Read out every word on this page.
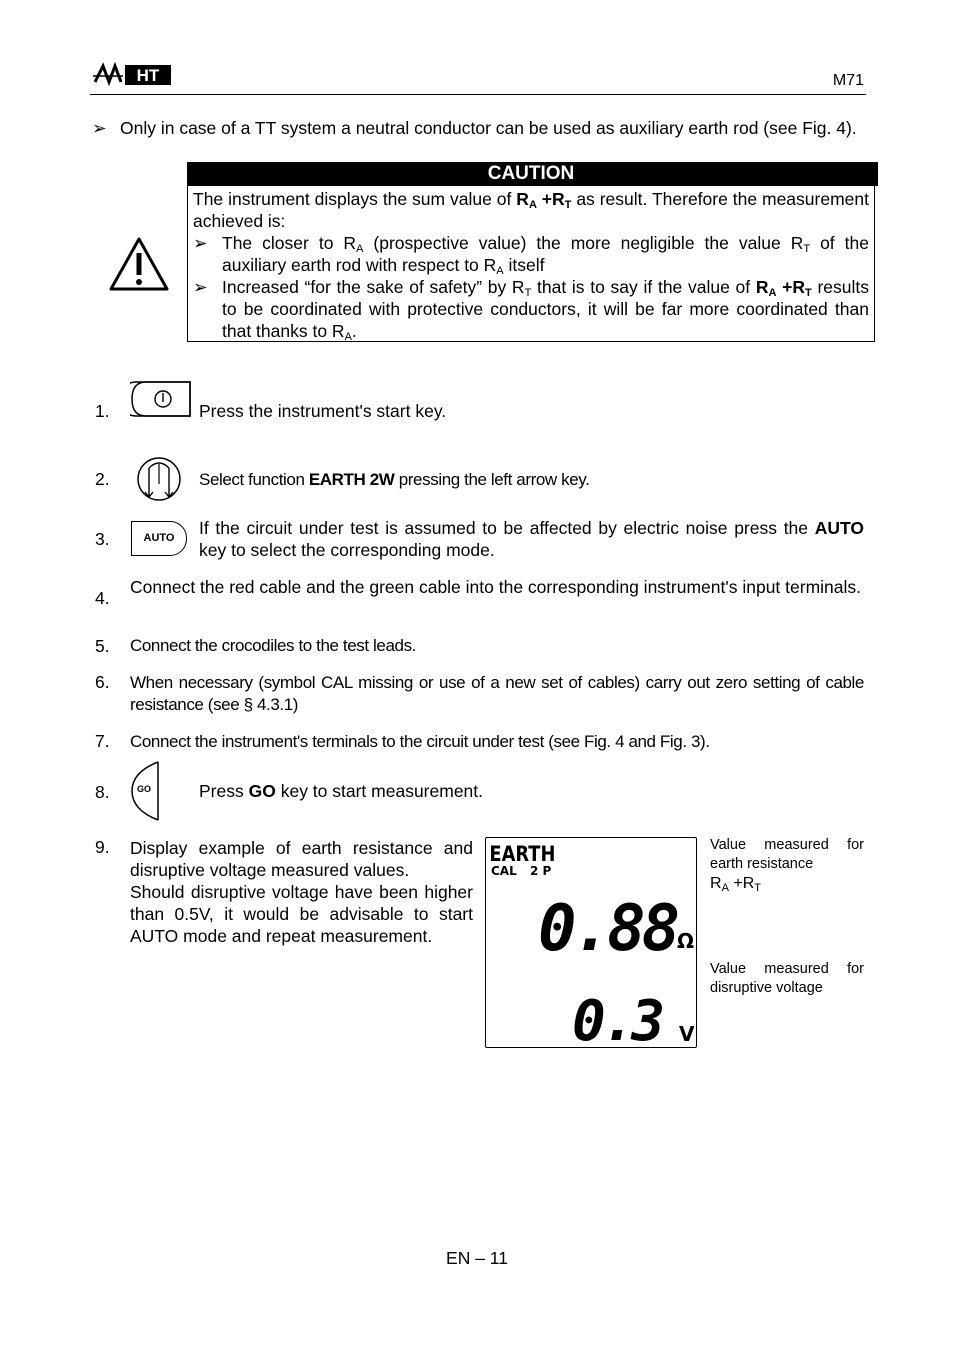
HT	M71
➢ Only in case of a TT system a neutral conductor can be used as auxiliary earth rod (see Fig. 4).
CAUTION
The instrument displays the sum value of $R_A +R_T$ as result. Therefore the measurement achieved is:
➢ The closer to $R_A$ (prospective value) the more negligible the value $R_T$ of the auxiliary earth rod with respect to $R_A$ itself
➢ Increased “for the sake of safety” by $R_T$ that is to say if the value of $R_A +R_T$ results to be coordinated with protective conductors, it will be far more coordinated than that thanks to $R_A$.
1.	Press the instrument's start key.
2.	Select function EARTH 2W pressing the left arrow key.
3.	AUTO	If the circuit under test is assumed to be affected by electric noise press the AUTO key to select the corresponding mode.
4.
Connect the red cable and the green cable into the corresponding instrument's input terminals.
5.	Connect the crocodiles to the test leads.
6.	When necessary (symbol CAL missing or use of a new set of cables) carry out zero setting of cable resistance (see § 4.3.1)
7.	Connect the instrument's terminals to the circuit under test (see Fig. 4 and Fig. 3).
8.	GO	Press GO key to start measurement.
9.	Display example of earth resistance and disruptive voltage measured values.
Should disruptive voltage have been higher than 0.5V, it would be advisable to start AUTO mode and repeat measurement.
EARTH
CAL 2 P
0.88 Ω
0.3 V
Value measured for earth resistance
$R_A +R_T$
Value measured for disruptive voltage
EN – 11
